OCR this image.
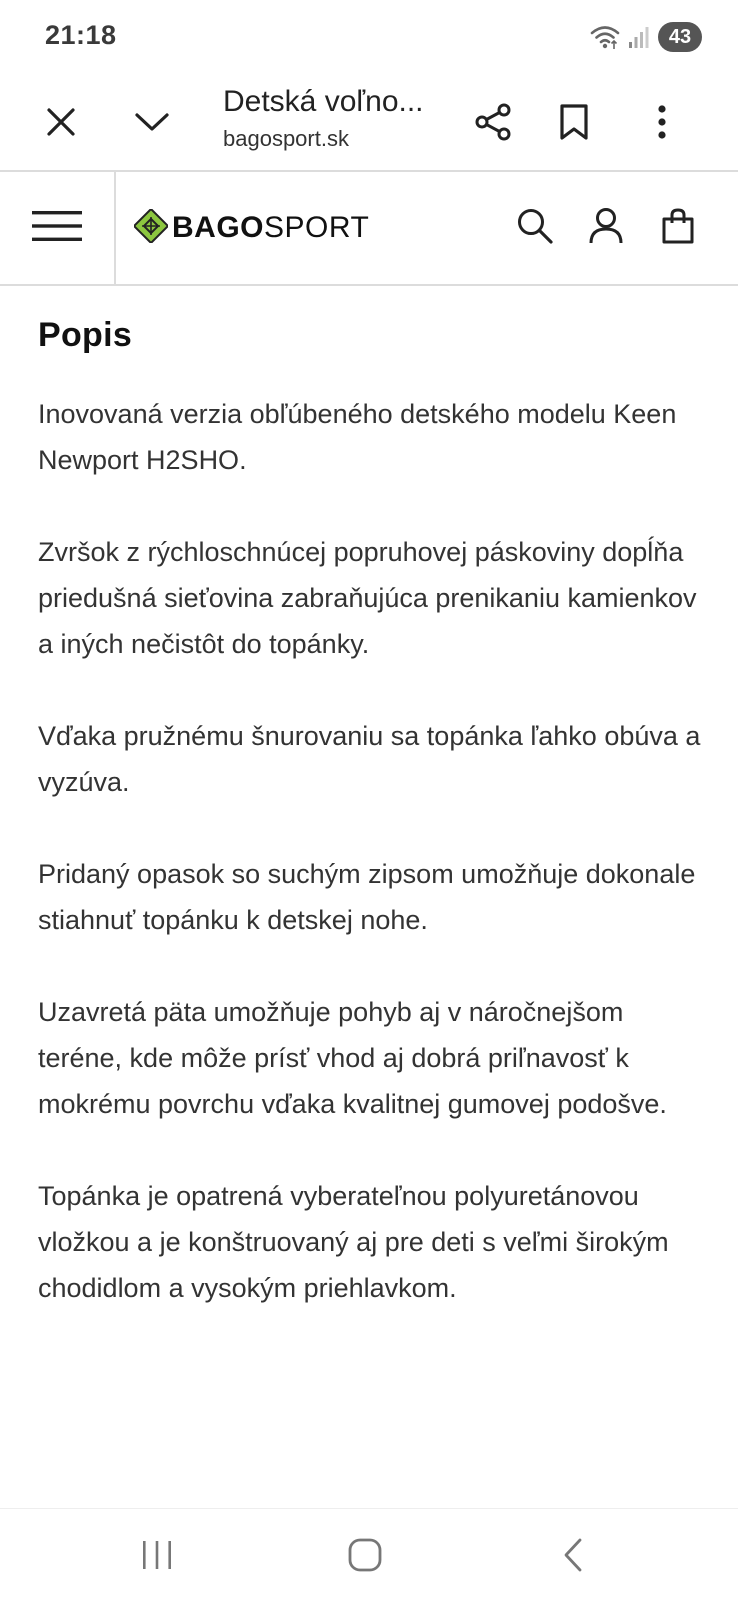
21:18	43
Detská voľno...
bagosport.sk
BAGOSPORT
Popis

Inovovaná verzia obľúbeného detského modelu Keen Newport H2SHO.

Zvršok z rýchloschnúcej popruhovej páskoviny dopĺňa priedušná sieťovina zabraňujúca prenikaniu kamienkov a iných nečistôt do topánky.

Vďaka pružnému šnurovaniu sa topánka ľahko obúva a vyzúva.

Pridaný opasok so suchým zipsom umožňuje dokonale stiahnuť topánku k detskej nohe.

Uzavretá päta umožňuje pohyb aj v náročnejšom teréne, kde môže prísť vhod aj dobrá priľnavosť k mokrému povrchu vďaka kvalitnej gumovej podošve.

Topánka je opatrená vyberateľnou polyuretánovou vložkou a je konštruovaný aj pre deti s veľmi širokým chodidlom a vysokým priehlavkom.
